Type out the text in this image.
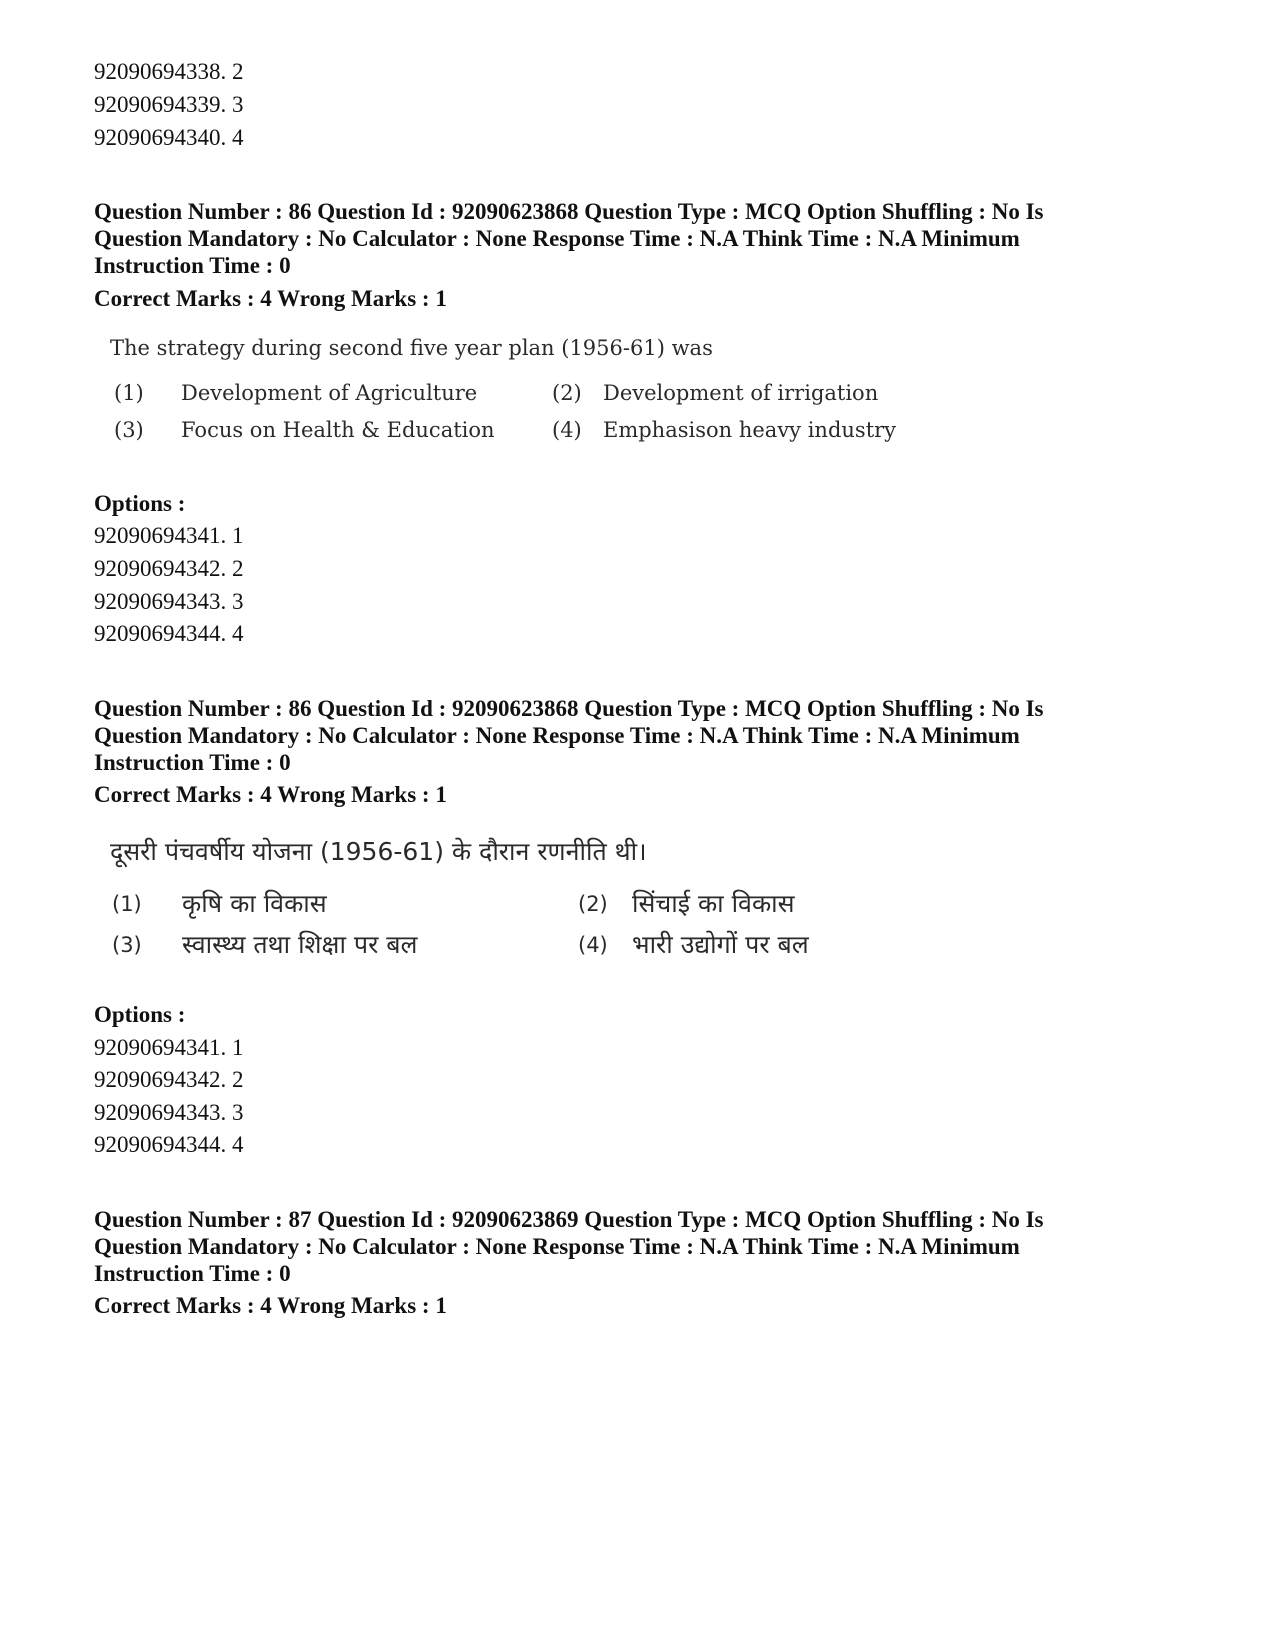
92090694338. 2
92090694339. 3
92090694340. 4
Question Number : 86 Question Id : 92090623868 Question Type : MCQ Option Shuffling : No Is Question Mandatory : No Calculator : None Response Time : N.A Think Time : N.A Minimum Instruction Time : 0
Correct Marks : 4 Wrong Marks : 1
The strategy during second five year plan (1956-61) was
(1) Development of Agriculture	(2) Development of irrigation
(3) Focus on Health & Education	(4) Emphasison heavy industry
Options :
92090694341. 1
92090694342. 2
92090694343. 3
92090694344. 4
Question Number : 86 Question Id : 92090623868 Question Type : MCQ Option Shuffling : No Is Question Mandatory : No Calculator : None Response Time : N.A Think Time : N.A Minimum Instruction Time : 0
Correct Marks : 4 Wrong Marks : 1
दूसरी पंचवर्षीय योजना (1956-61) के दौरान रणनीति थी।
(1) कृषि का विकास	(2) सिंचाई का विकास
(3) स्वास्थ्य तथा शिक्षा पर बल	(4) भारी उद्योगों पर बल
Options :
92090694341. 1
92090694342. 2
92090694343. 3
92090694344. 4
Question Number : 87 Question Id : 92090623869 Question Type : MCQ Option Shuffling : No Is Question Mandatory : No Calculator : None Response Time : N.A Think Time : N.A Minimum Instruction Time : 0
Correct Marks : 4 Wrong Marks : 1
